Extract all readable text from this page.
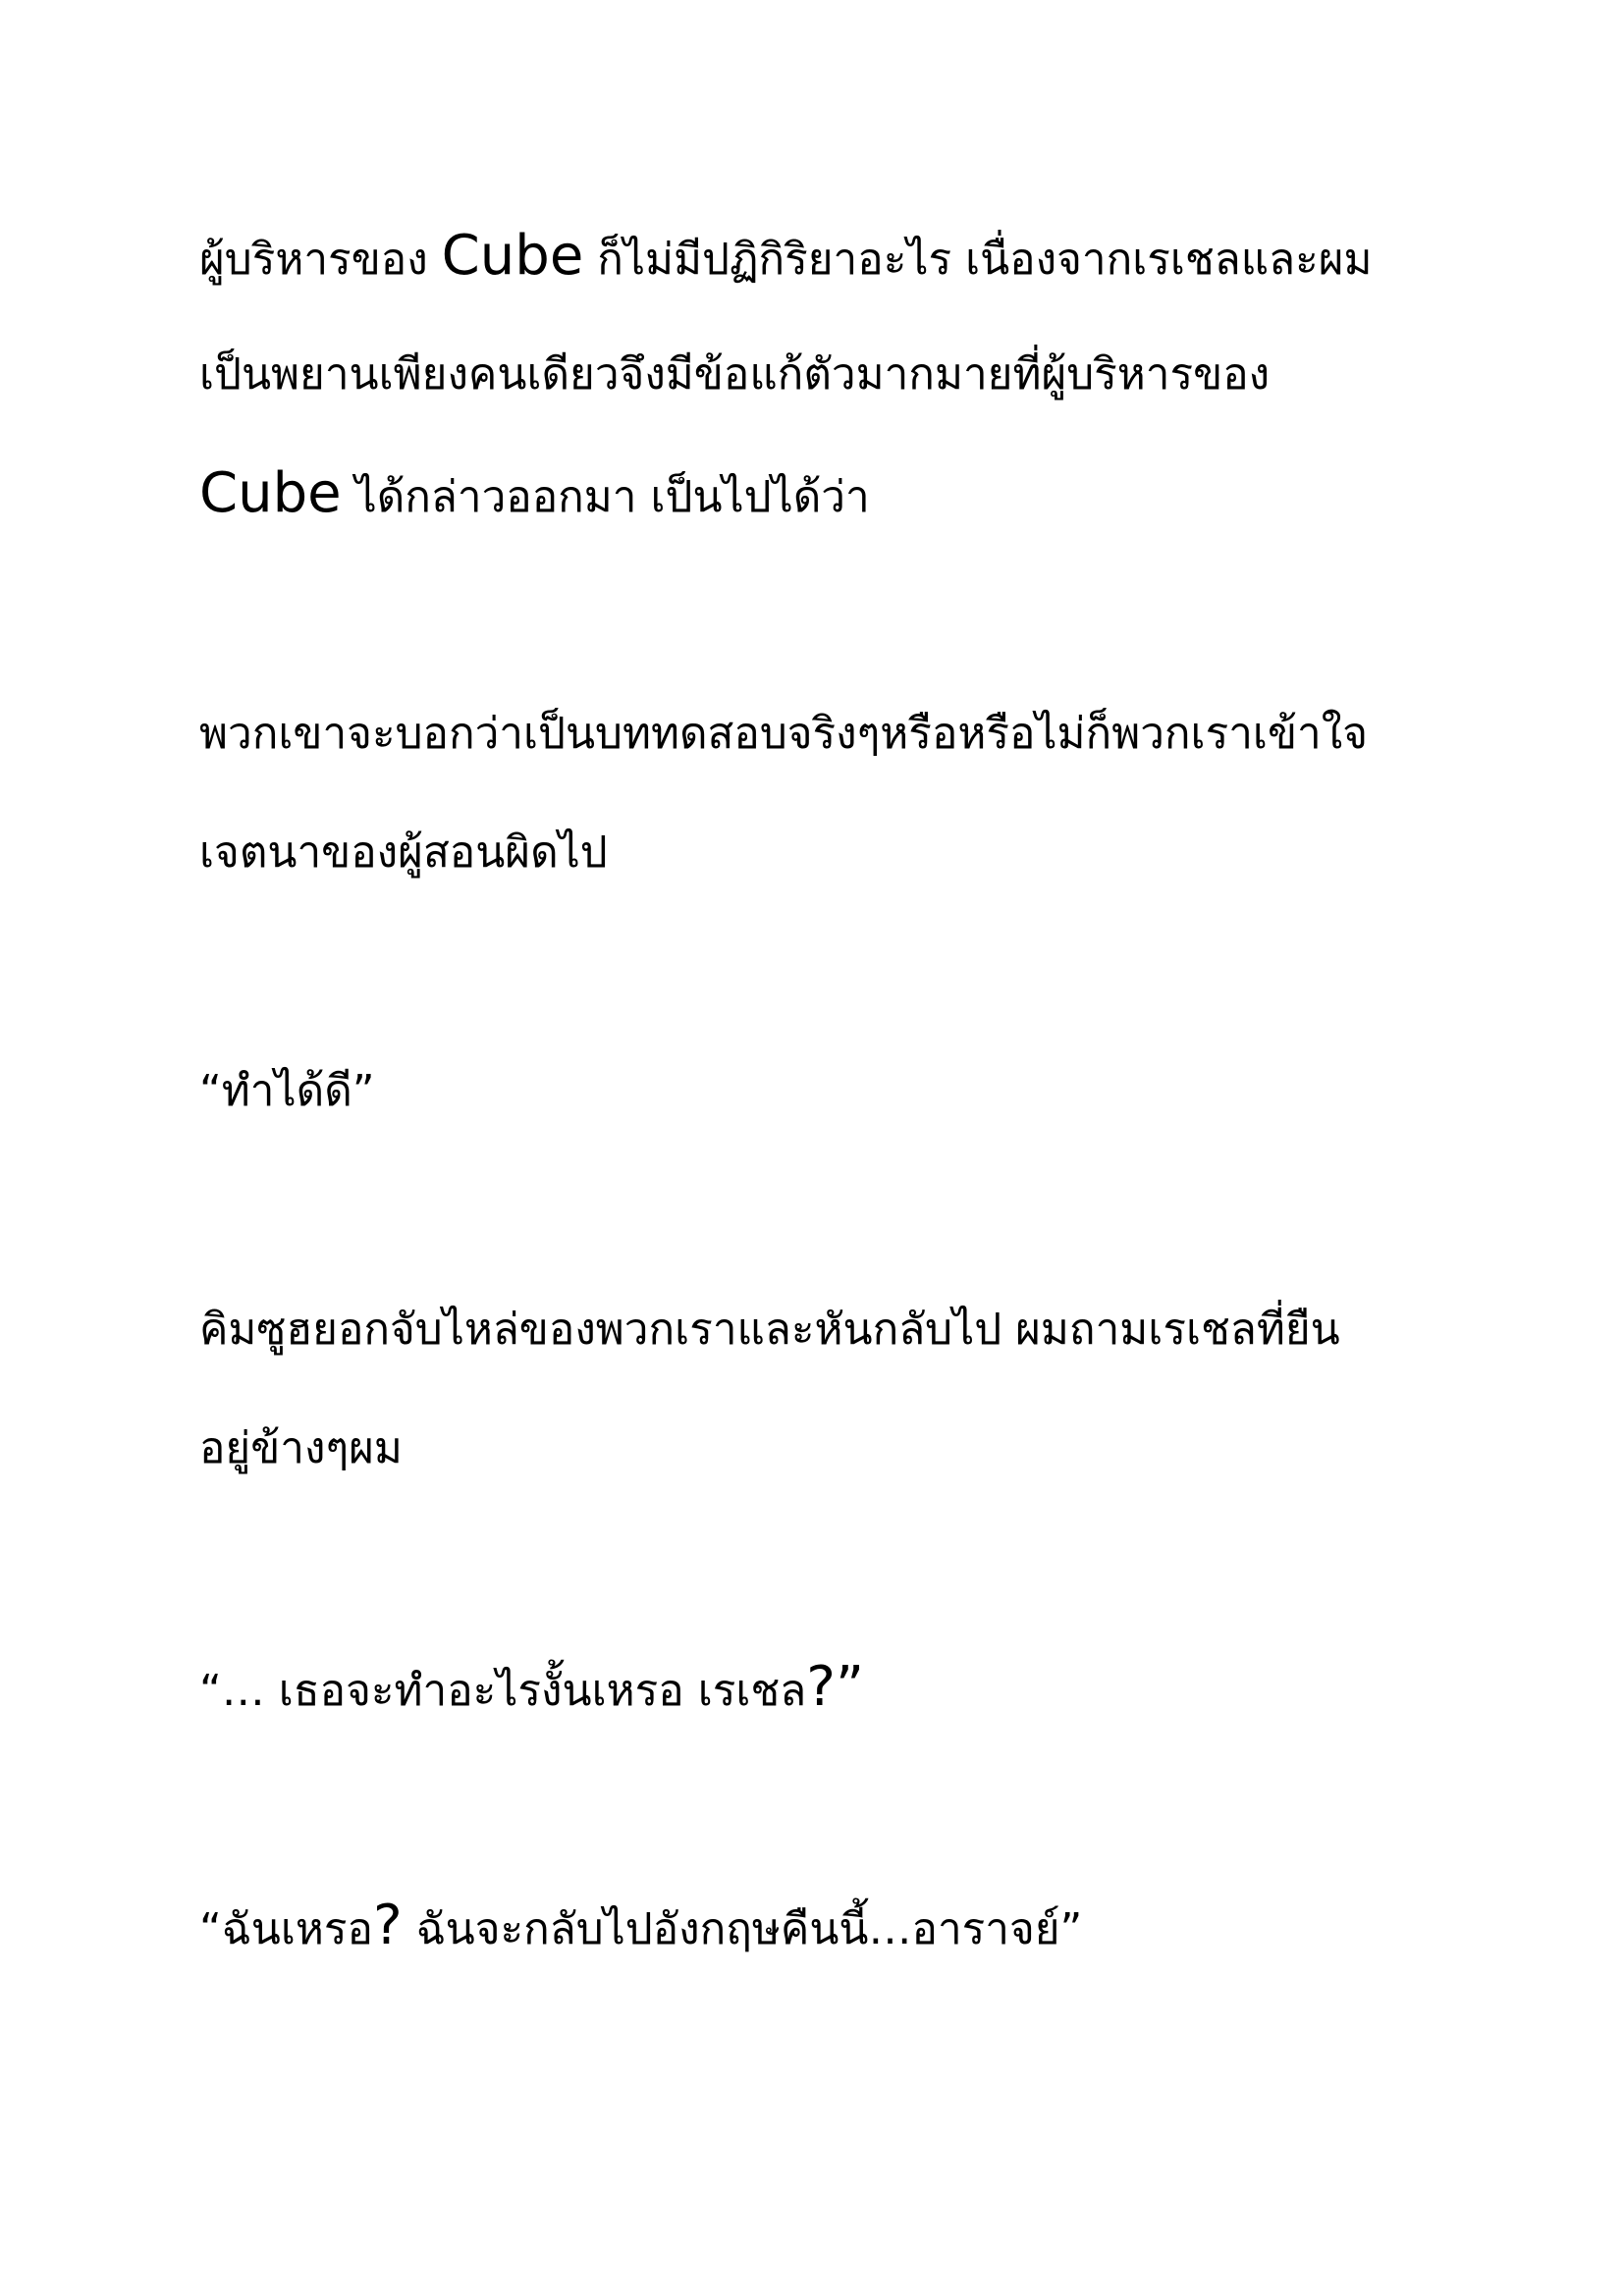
ผู้บริหารของ Cube ก็ไม่มีปฏิกิริยาอะไร เนื่องจากเรเชลและผม
เป็นพยานเพียงคนเดียวจึงมีข้อแก้ตัวมากมายที่ผู้บริหารของ
Cube ได้กล่าวออกมา เป็นไปได้ว่า

พวกเขาจะบอกว่าเป็นบททดสอบจริงๆหรือหรือไม่ก็พวกเราเข้าใจ
เจตนาของผู้สอนผิดไป

“ทำได้ดี”

คิมซูฮยอกจับไหล่ของพวกเราและหันกลับไป ผมถามเรเชลที่ยืน
อยู่ข้างๆผม

“… เธอจะทำอะไรงั้นเหรอ เรเชล?”

“ฉันเหรอ? ฉันจะกลับไปอังกฤษคืนนี้…อาราจย์”
